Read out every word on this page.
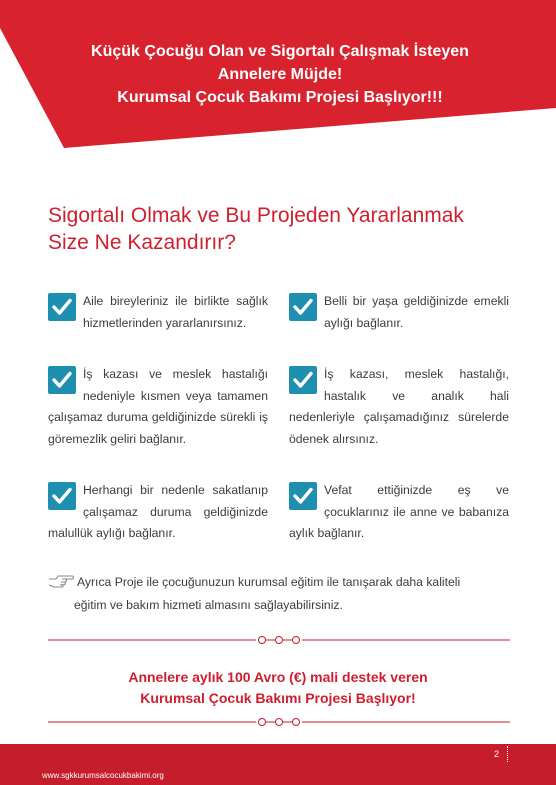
Küçük Çocuğu Olan ve Sigortalı Çalışmak İsteyen
Annelere Müjde!
Kurumsal Çocuk Bakımı Projesi Başlıyor!!!
Sigortalı Olmak ve Bu Projeden Yararlanmak
Size Ne Kazandırır?
Aile bireyleriniz ile birlikte sağlık hizmetlerinden yararlanırsınız.
Belli bir yaşa geldiğinizde emekli aylığı bağlanır.
İş kazası ve meslek hastalığı nedeniyle kısmen veya tamamen çalışamaz duruma geldiğinizde sürekli iş göremezlik geliri bağlanır.
İş kazası, meslek hastalığı, hastalık ve analık hali nedenleriyle çalışamadığınız sürelerde ödenek alırsınız.
Herhangi bir nedenle sakatlanıp çalışamaz duruma geldiğinizde malullük aylığı bağlanır.
Vefat ettiğinizde eş ve çocuklarınız ile anne ve babanıza aylık bağlanır.
Ayrıca Proje ile çocuğunuzun kurumsal eğitim ile tanışarak daha kaliteli
eğitim ve bakım hizmeti almasını sağlayabilirsiniz.
Annelere aylık 100 Avro (€) mali destek veren
Kurumsal Çocuk Bakımı Projesi Başlıyor!
2
www.sgkkurumsalcocukbakimi.org
